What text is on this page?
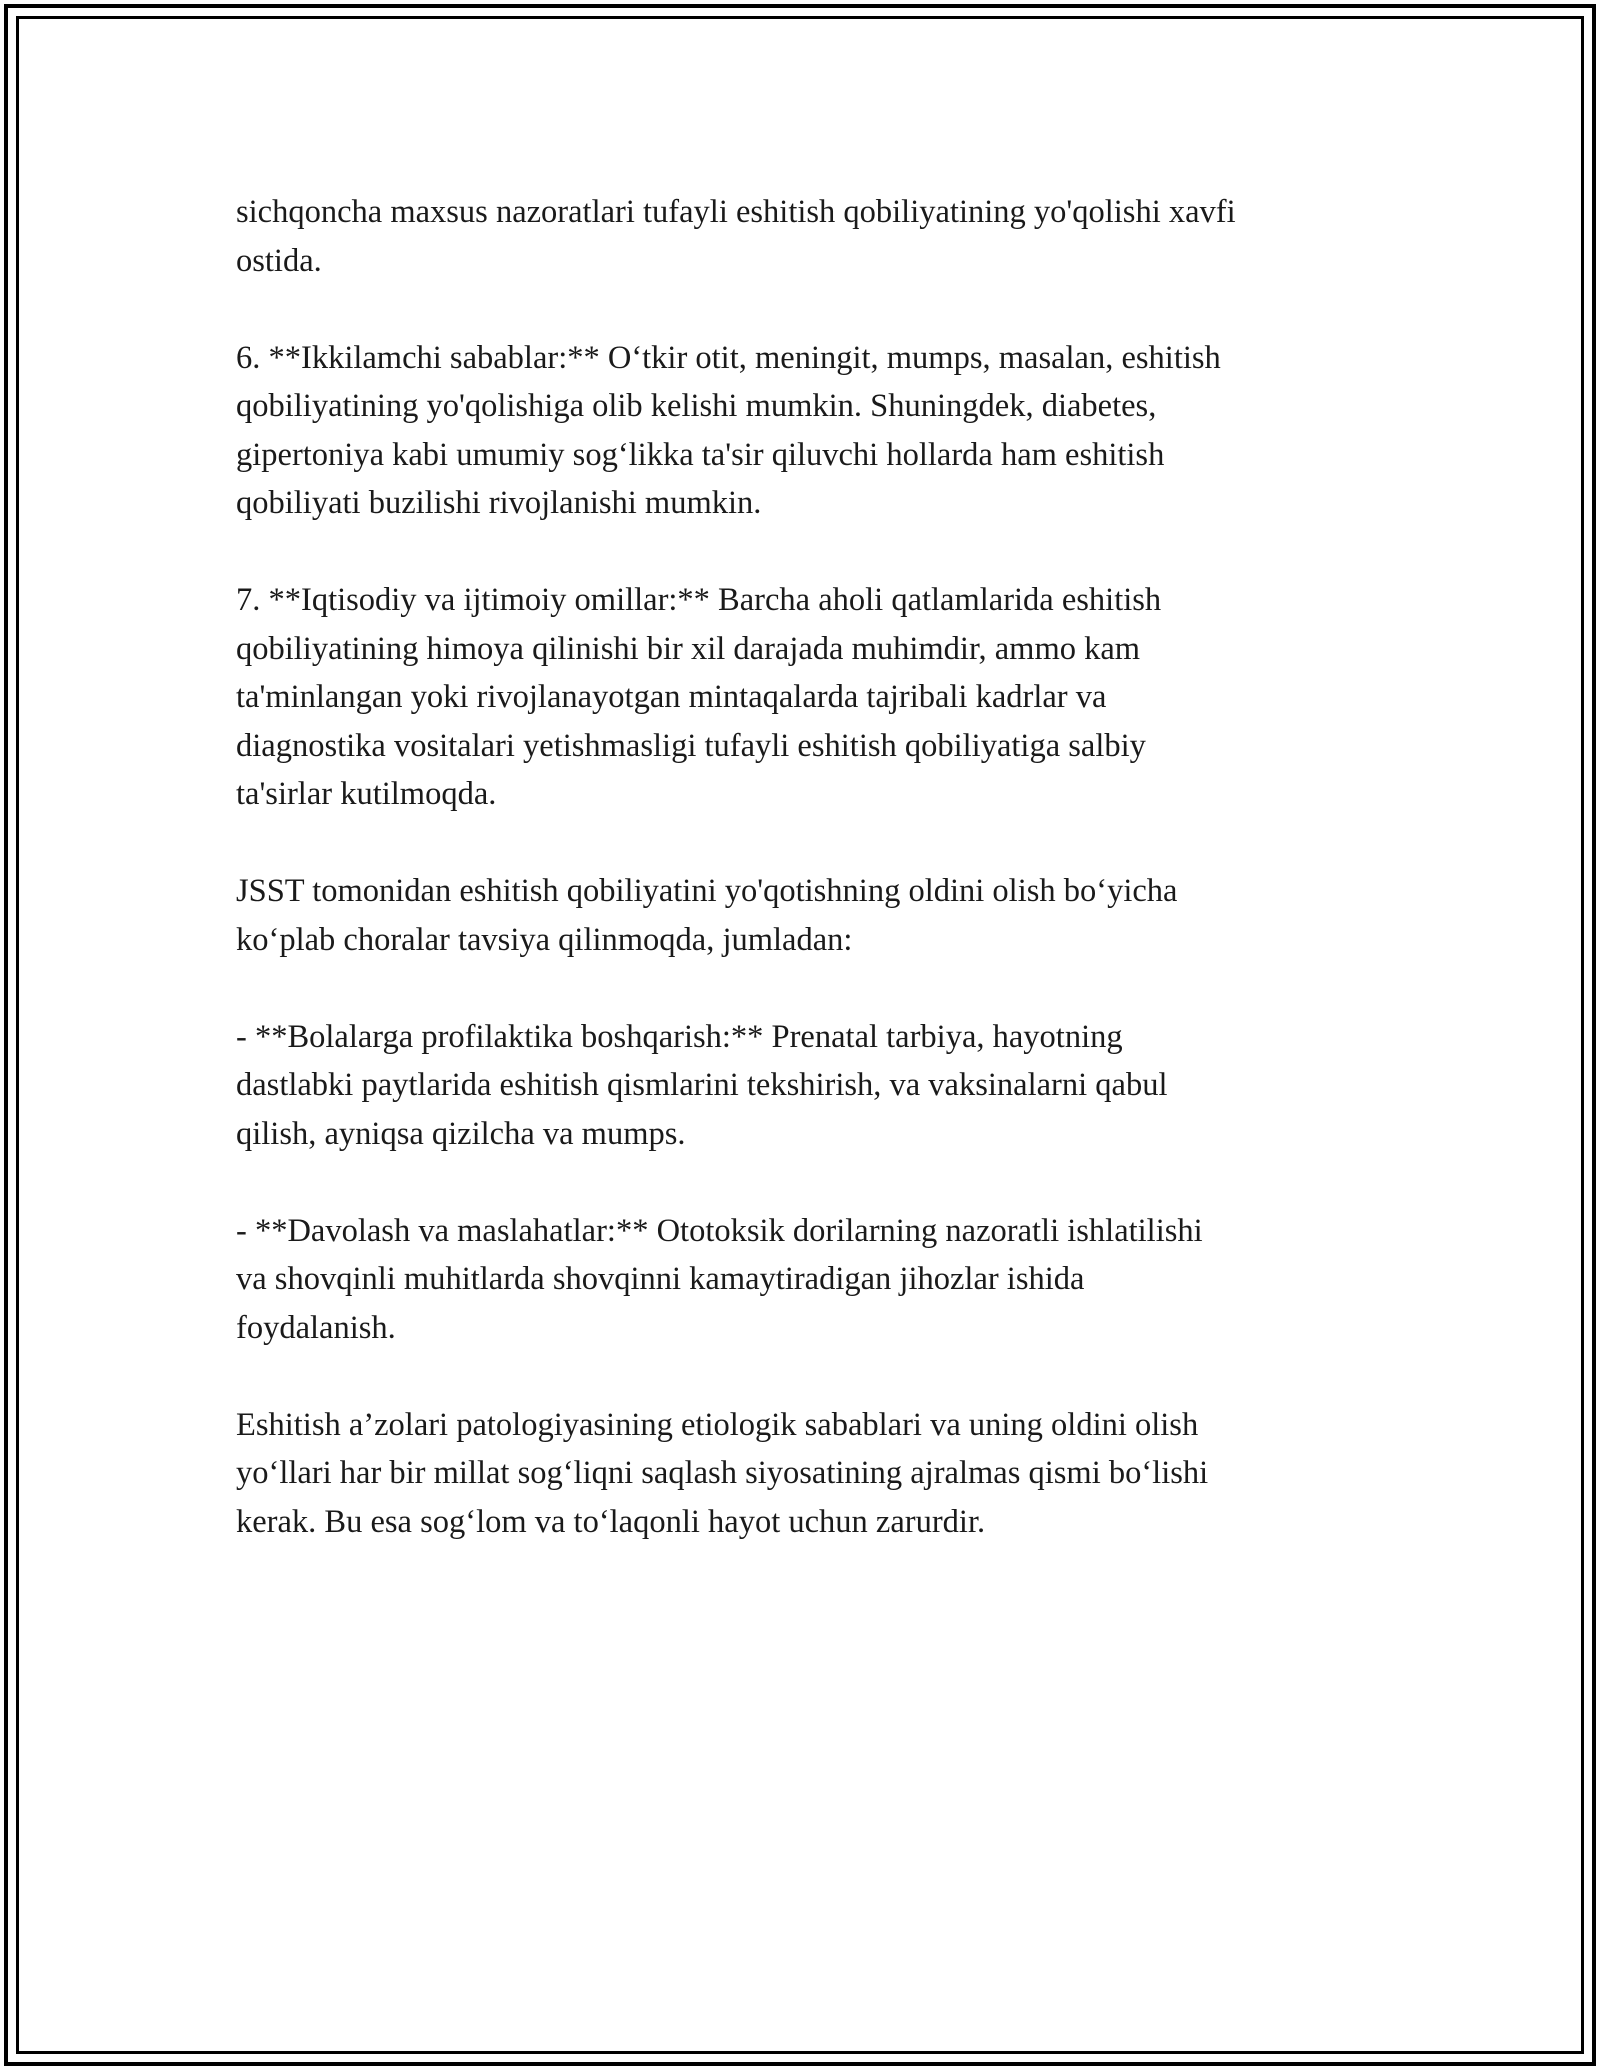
sichqoncha maxsus nazoratlari tufayli eshitish qobiliyatining yo'qolishi xavfi
ostida.

6. **Ikkilamchi sabablar:** O‘tkir otit, meningit, mumps, masalan, eshitish
qobiliyatining yo'qolishiga olib kelishi mumkin. Shuningdek, diabetes,
gipertoniya kabi umumiy sog‘likka ta'sir qiluvchi hollarda ham eshitish
qobiliyati buzilishi rivojlanishi mumkin.

7. **Iqtisodiy va ijtimoiy omillar:** Barcha aholi qatlamlarida eshitish
qobiliyatining himoya qilinishi bir xil darajada muhimdir, ammo kam
ta'minlangan yoki rivojlanayotgan mintaqalarda tajribali kadrlar va
diagnostika vositalari yetishmasligi tufayli eshitish qobiliyatiga salbiy
ta'sirlar kutilmoqda.

JSST tomonidan eshitish qobiliyatini yo'qotishning oldini olish bo‘yicha
ko‘plab choralar tavsiya qilinmoqda, jumladan:

- **Bolalarga profilaktika boshqarish:** Prenatal tarbiya, hayotning
dastlabki paytlarida eshitish qismlarini tekshirish, va vaksinalarni qabul
qilish, ayniqsa qizilcha va mumps.

- **Davolash va maslahatlar:** Ototoksik dorilarning nazoratli ishlatilishi
va shovqinli muhitlarda shovqinni kamaytiradigan jihozlar ishida
foydalanish.

Eshitish a’zolari patologiyasining etiologik sabablari va uning oldini olish
yo‘llari har bir millat sog‘liqni saqlash siyosatining ajralmas qismi bo‘lishi
kerak. Bu esa sog‘lom va to‘laqonli hayot uchun zarurdir.
